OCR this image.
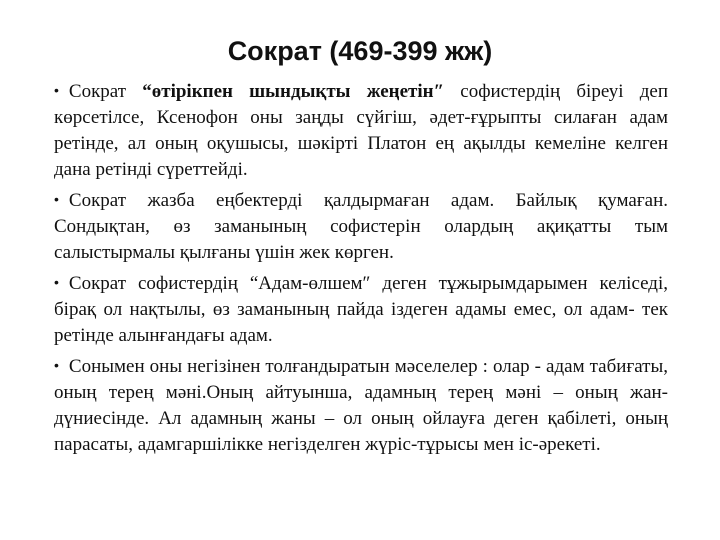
Сократ (469-399 жж)
• Сократ “өтірікпен шындықты жеңетін″ софистердің біреуі деп көрсетілсе, Ксенофон оны заңды сүйгіш, әдет-ғұрыпты силаған адам ретінде, ал оның оқушысы, шәкірті Платон ең ақылды кемеліне келген дана ретінді сүреттейді.
• Сократ жазба еңбектерді қалдырмаған адам. Байлық қумаған. Сондықтан, өз заманының софистерін олардың ақиқатты тым салыстырмалы қылғаны үшін жек көрген.
• Сократ софистердің “Адам-өлшем″ деген тұжырымдарымен келіседі, бірақ ол нақтылы, өз заманының пайда іздеген адамы емес, ол адам- тек ретінде алынғандағы адам.
• Сонымен оны негізінен толғандыратын мәселелер : олар - адам табиғаты, оның терең мәні.Оның айтуынша, адамның терең мәні – оның жан-дүниесінде. Ал адамның жаны – ол оның ойлауға деген қабілеті, оның парасаты, адамгаршілікке негізделген жүріс-тұрысы мен іс-әрекеті.
